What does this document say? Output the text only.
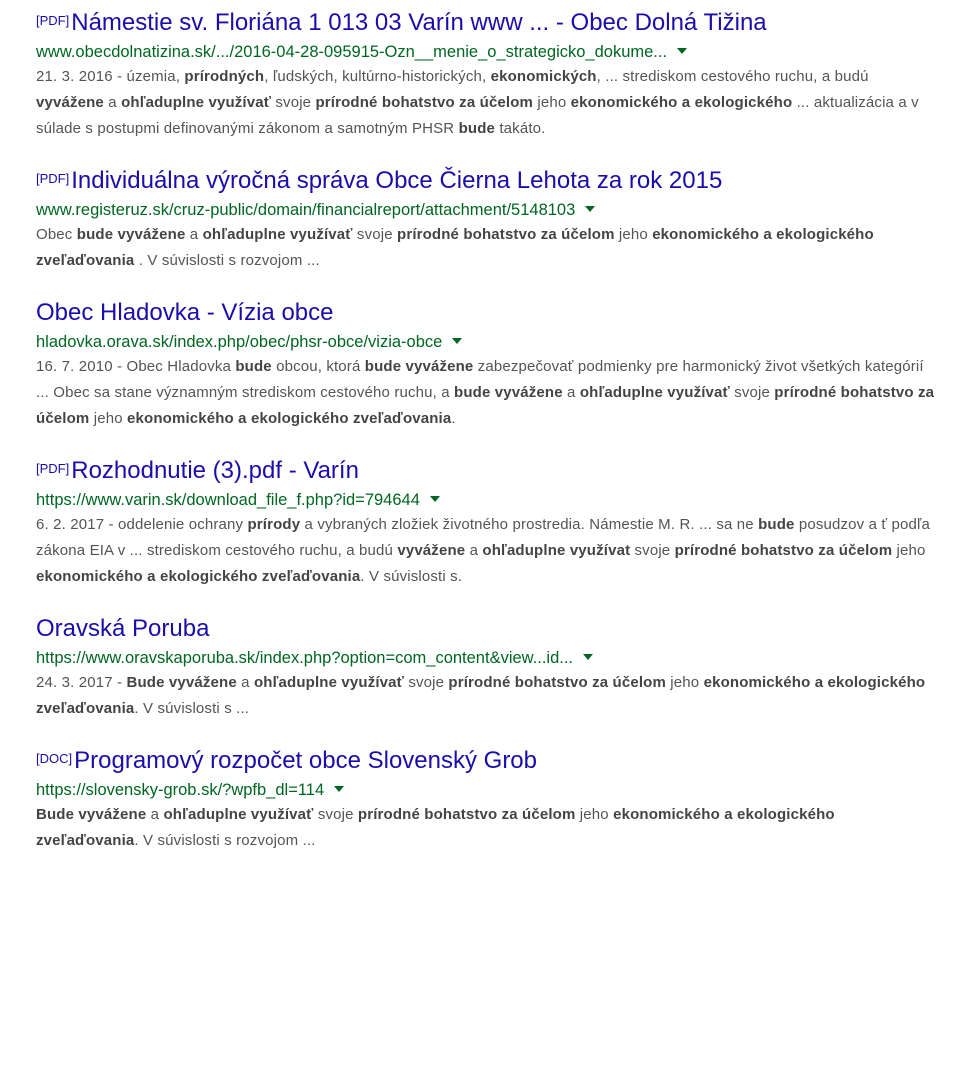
[PDF]Námestie sv. Floriána 1 013 03 Varín www ... - Obec Dolná Tižina
www.obecdolnatizina.sk/.../2016-04-28-095915-Ozn__menie_o_strategicko_dokume...
21. 3. 2016 - územia, prírodných, ľudských, kultúrno-historických, ekonomických, ... strediskom cestového ruchu, a budú vyvážene a ohľaduplne využívať svoje prírodné bohatstvo za účelom jeho ekonomického a ekologického ... aktualizácia a v súlade s postupmi definovanými zákonom a samotným PHSR bude takáto.
[PDF]Individuálna výročná správa Obce Čierna Lehota za rok 2015
www.registeruz.sk/cruz-public/domain/financialreport/attachment/5148103
Obec bude vyvážene a ohľaduplne využívať svoje prírodné bohatstvo za účelom jeho ekonomického a ekologického zveľaďovania . V súvislosti s rozvojom ...
Obec Hladovka - Vízia obce
hladovka.orava.sk/index.php/obec/phsr-obce/vizia-obce
16. 7. 2010 - Obec Hladovka bude obcou, ktorá bude vyvážene zabezpečovať podmienky pre harmonický život všetkých kategórií ... Obec sa stane významným strediskom cestového ruchu, a bude vyvážene a ohľaduplne využívať svoje prírodné bohatstvo za účelom jeho ekonomického a ekologického zveľaďovania.
[PDF]Rozhodnutie (3).pdf - Varín
https://www.varin.sk/download_file_f.php?id=794644
6. 2. 2017 - oddelenie ochrany prírody a vybraných zložiek životného prostredia. Námestie M. R. ... sa ne bude posudzov a ť podľa zákona EIA v ... strediskom cestového ruchu, a budú vyvážene a ohľaduplne využívat svoje prírodné bohatstvo za účelom jeho ekonomického a ekologického zveľaďovania. V súvislosti s.
Oravská Poruba
https://www.oravskaporuba.sk/index.php?option=com_content&view...id...
24. 3. 2017 - Bude vyvážene a ohľaduplne využívať svoje prírodné bohatstvo za účelom jeho ekonomického a ekologického zveľaďovania. V súvislosti s ...
[DOC]Programový rozpočet obce Slovenský Grob
https://slovensky-grob.sk/?wpfb_dl=114
Bude vyvážene a ohľaduplne využívať svoje prírodné bohatstvo za účelom jeho ekonomického a ekologického zveľaďovania. V súvislosti s rozvojom ...
